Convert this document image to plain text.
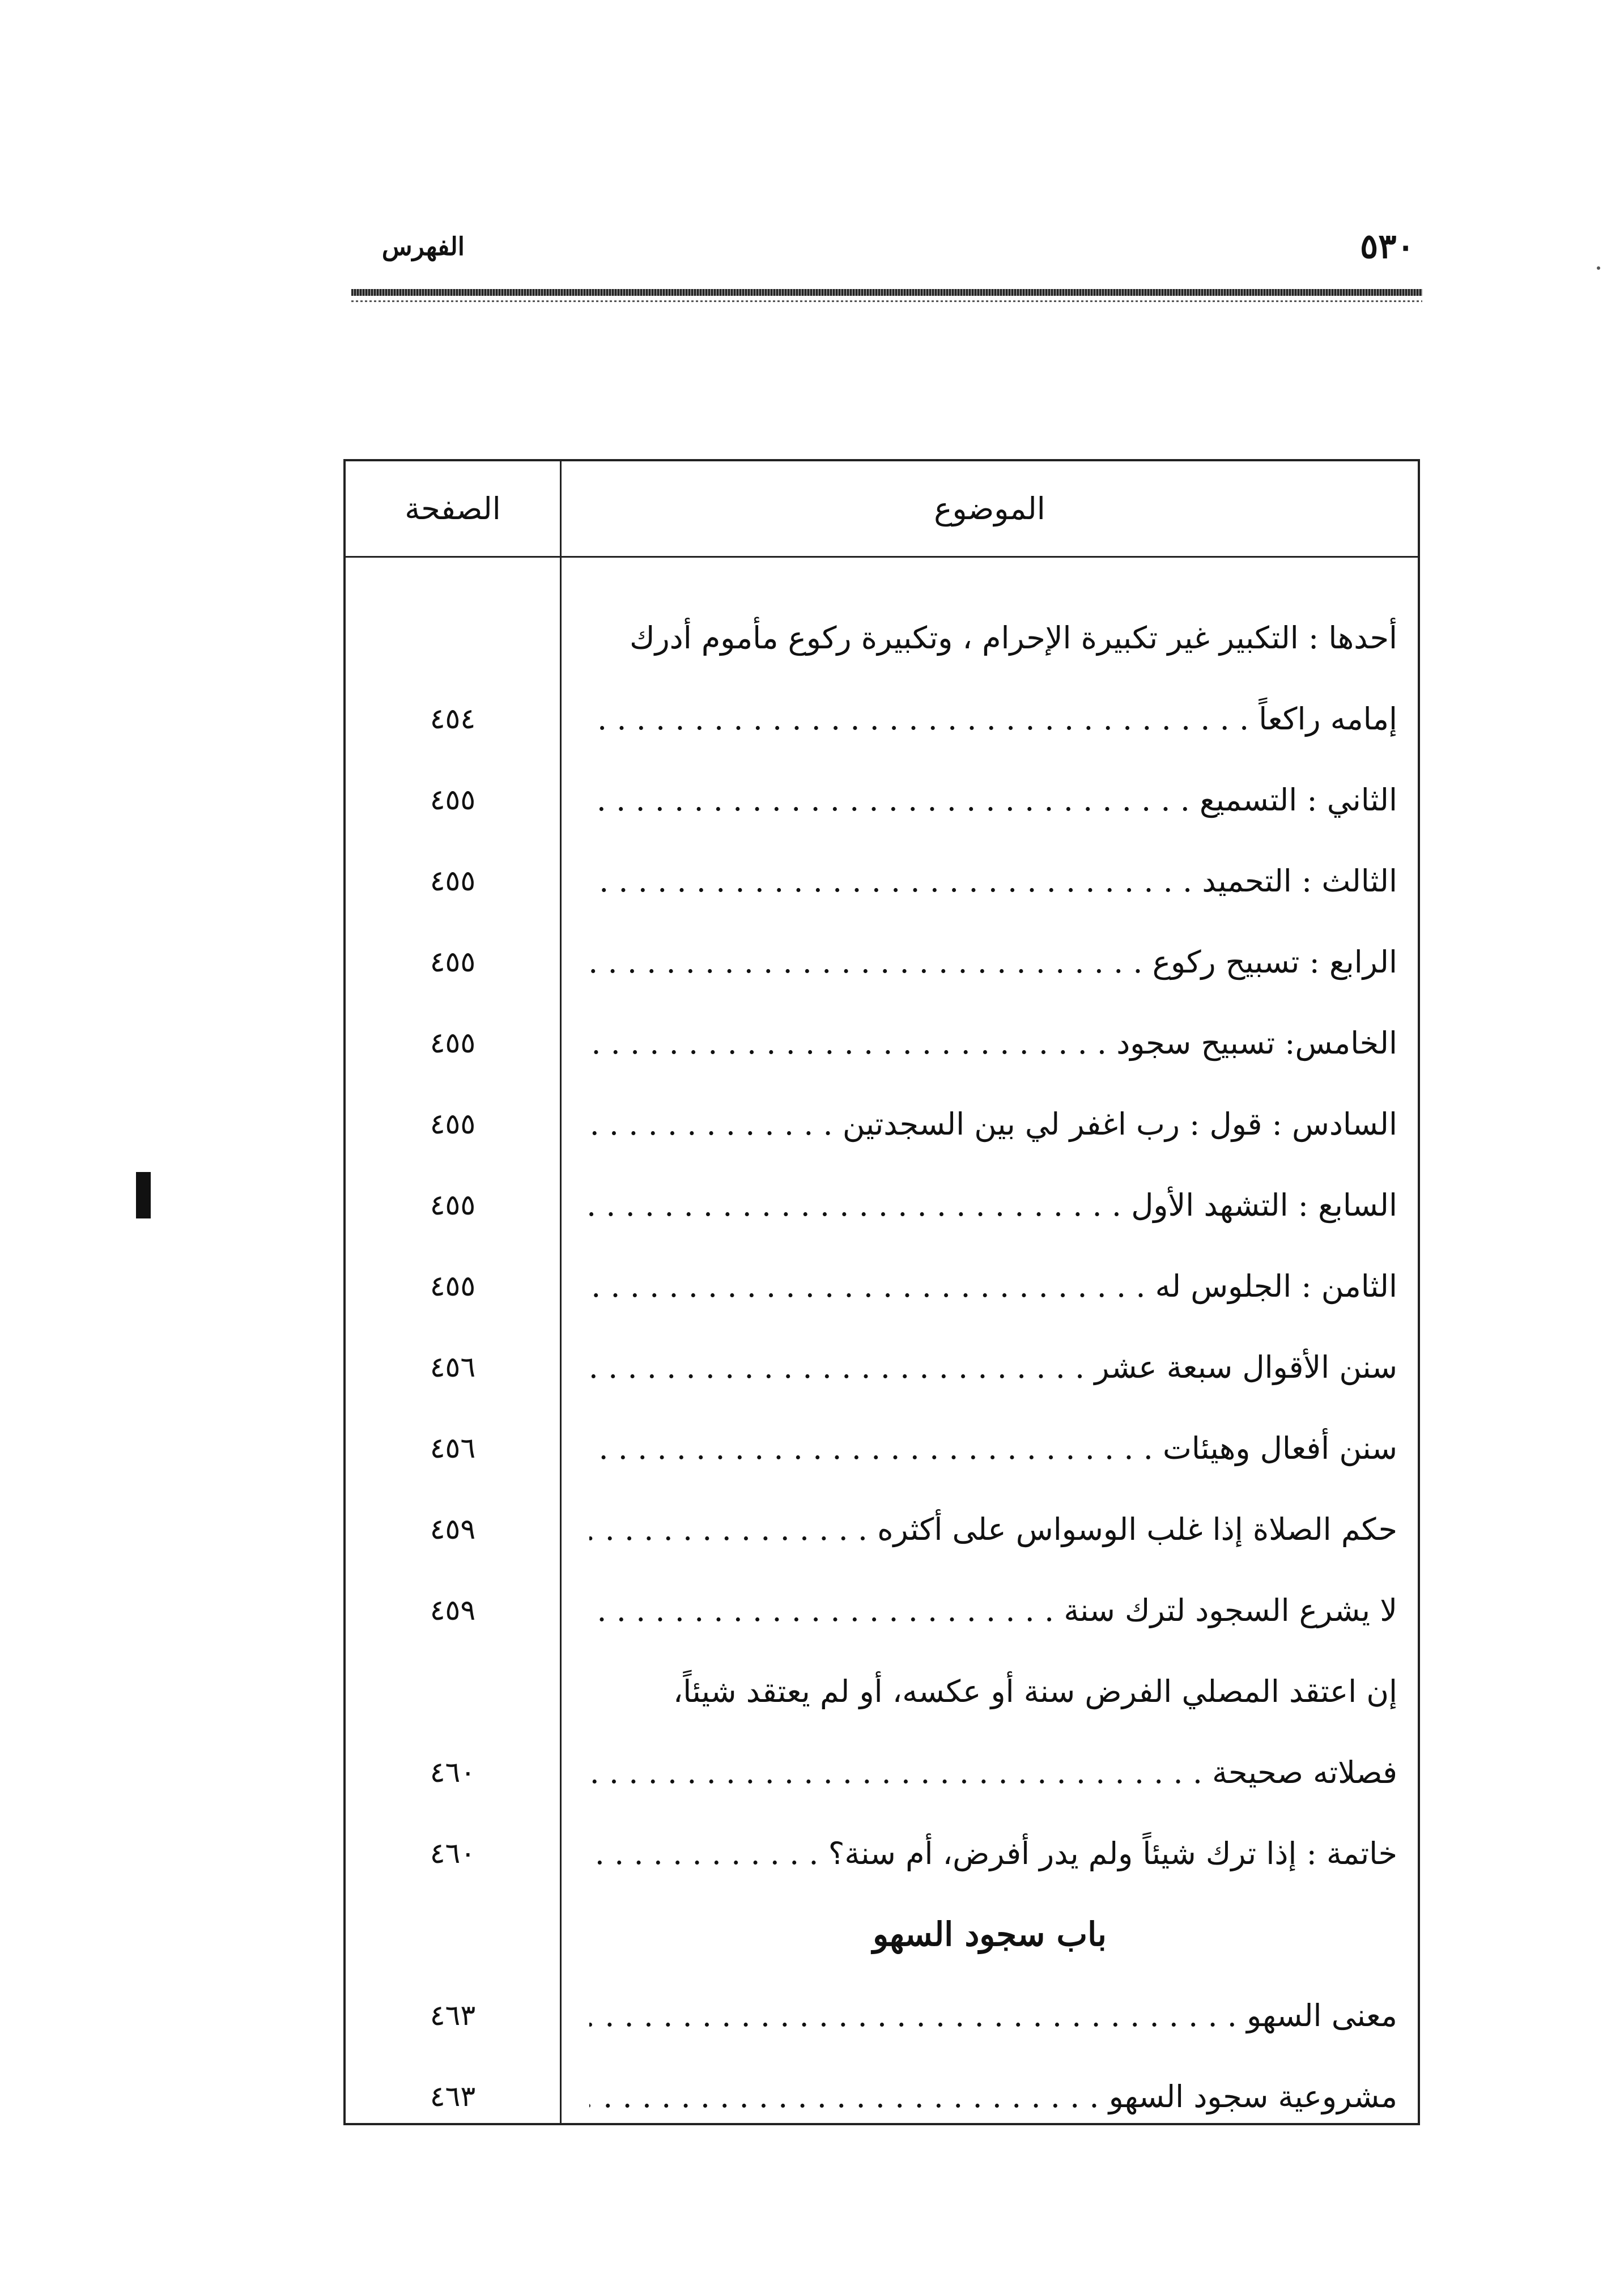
الفهرس	٥٣٠
الموضوع
الصفحة
أحدها : التكبير غير تكبيرة الإحرام ، وتكبيرة ركوع مأموم أدرك
إمامه راكعاً . . .
٤٥٤
الثاني : التسميع . . .
٤٥٥
الثالث : التحميد . . .
٤٥٥
الرابع : تسبيح ركوع . . .
٤٥٥
الخامس: تسبيح سجود . . .
٤٥٥
السادس : قول : رب اغفر لي بين السجدتين . . .
٤٥٥
السابع : التشهد الأول . . .
٤٥٥
الثامن : الجلوس له . . .
٤٥٥
سنن الأقوال سبعة عشر . . .
٤٥٦
سنن أفعال وهيئات . . .
٤٥٦
حكم الصلاة إذا غلب الوسواس على أكثره . . .
٤٥٩
لا يشرع السجود لترك سنة . . .
٤٥٩
إن اعتقد المصلي الفرض سنة أو عكسه، أو لم يعتقد شيئاً،
فصلاته صحيحة . . .
٤٦٠
خاتمة : إذا ترك شيئاً ولم يدر أفرض، أم سنة؟ . . .
٤٦٠
باب سجود السهو
معنى السهو . . .
٤٦٣
مشروعية سجود السهو . . .
٤٦٣
